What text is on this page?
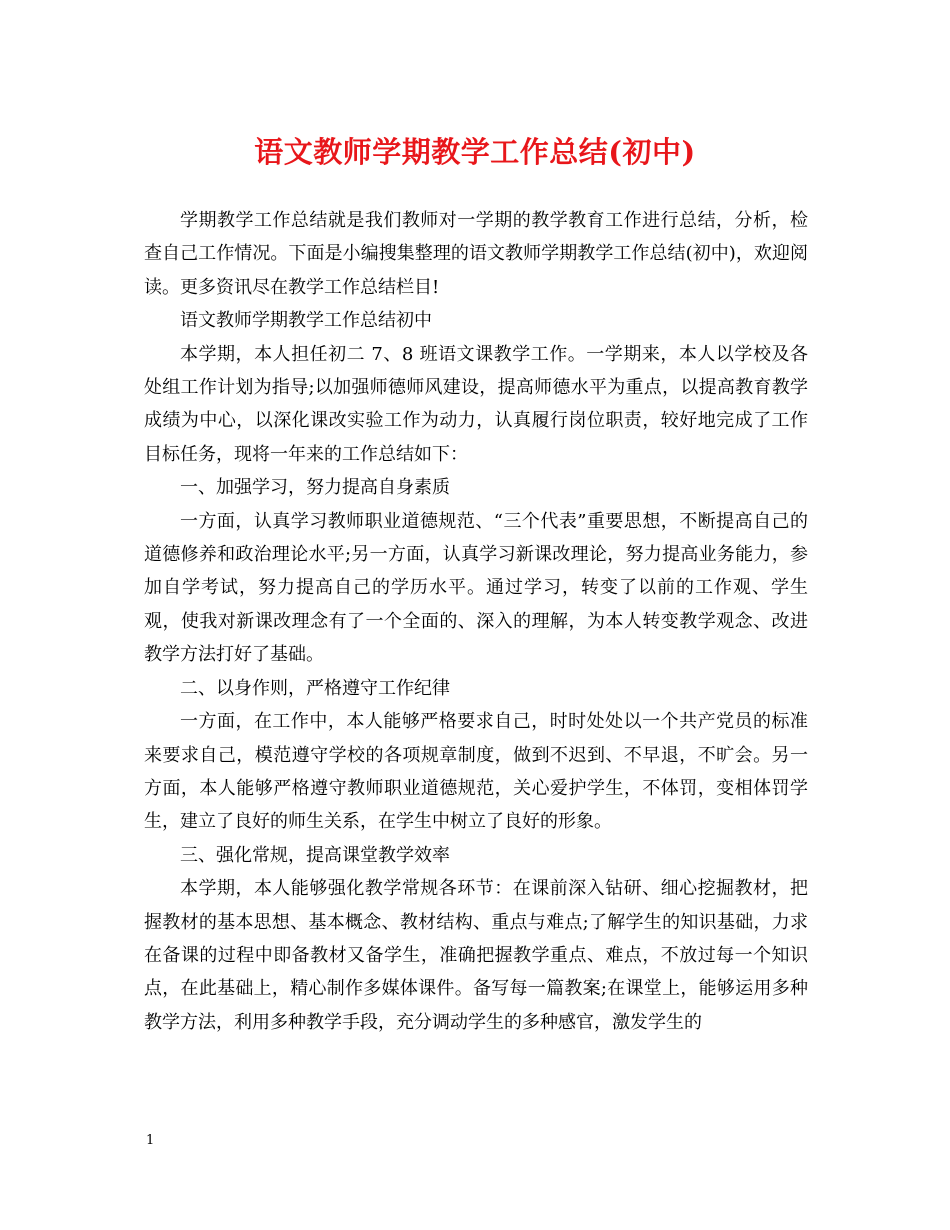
语文教师学期教学工作总结(初中)

学期教学工作总结就是我们教师对一学期的教学教育工作进行总结，分析，检查自己工作情况。下面是小编搜集整理的语文教师学期教学工作总结(初中)，欢迎阅读。更多资讯尽在教学工作总结栏目!

语文教师学期教学工作总结初中

本学期，本人担任初二 7、8 班语文课教学工作。一学期来，本人以学校及各处组工作计划为指导;以加强师德师风建设，提高师德水平为重点，以提高教育教学成绩为中心，以深化课改实验工作为动力，认真履行岗位职责，较好地完成了工作目标任务，现将一年来的工作总结如下：

一、加强学习，努力提高自身素质

一方面，认真学习教师职业道德规范、“三个代表”重要思想，不断提高自己的道德修养和政治理论水平;另一方面，认真学习新课改理论，努力提高业务能力，参加自学考试，努力提高自己的学历水平。通过学习，转变了以前的工作观、学生观，使我对新课改理念有了一个全面的、深入的理解，为本人转变教学观念、改进教学方法打好了基础。

二、以身作则，严格遵守工作纪律

一方面，在工作中，本人能够严格要求自己，时时处处以一个共产党员的标准来要求自己，模范遵守学校的各项规章制度，做到不迟到、不早退，不旷会。另一方面，本人能够严格遵守教师职业道德规范，关心爱护学生，不体罚，变相体罚学生，建立了良好的师生关系，在学生中树立了良好的形象。

三、强化常规，提高课堂教学效率

本学期，本人能够强化教学常规各环节：在课前深入钻研、细心挖掘教材，把握教材的基本思想、基本概念、教材结构、重点与难点;了解学生的知识基础，力求在备课的过程中即备教材又备学生，准确把握教学重点、难点，不放过每一个知识点，在此基础上，精心制作多媒体课件。备写每一篇教案;在课堂上，能够运用多种教学方法，利用多种教学手段，充分调动学生的多种感官，激发学生的

1
